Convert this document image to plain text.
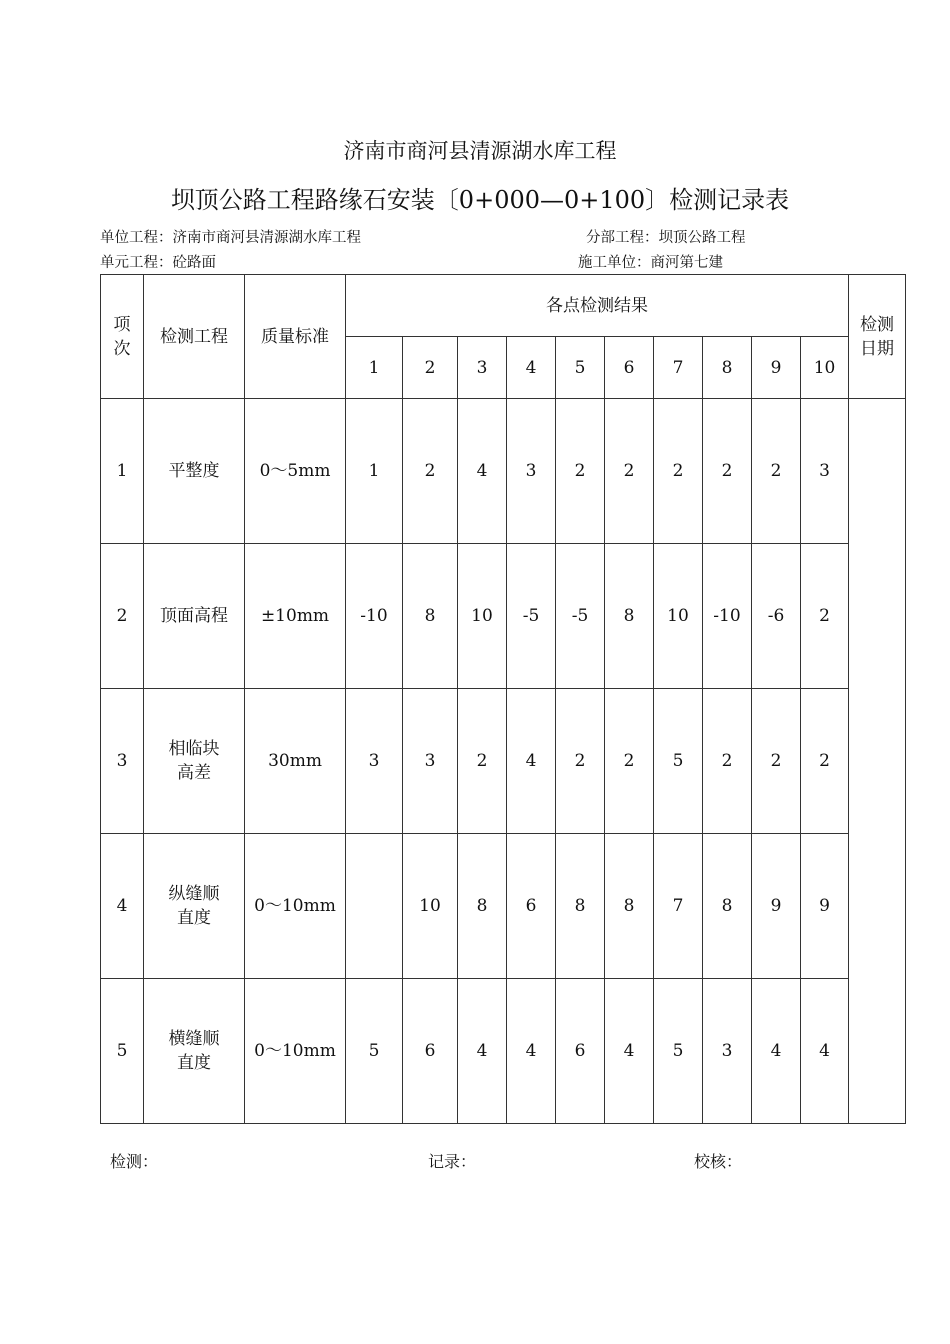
济南市商河县清源湖水库工程
坝顶公路工程路缘石安装〔0+000—0+100〕检测记录表
单位工程：济南市商河县清源湖水库工程	分部工程：坝顶公路工程
单元工程：砼路面	施工单位：商河第七建
项次	检测工程	质量标准	各点检测结果										检测日期
			1	2	3	4	5	6	7	8	9	10	
1	平整度	0～5mm	1	2	4	3	2	2	2	2	2	3	
2	顶面高程	±10mm	-10	8	10	-5	-5	8	10	-10	-6	2	
3	相临块高差	30mm	3	3	2	4	2	2	5	2	2	2	
4	纵缝顺直度	0～10mm		10	8	6	8	8	7	8	9	9	
5	横缝顺直度	0～10mm	5	6	4	4	6	4	5	3	4	4	
检测：	记录：	校核：
